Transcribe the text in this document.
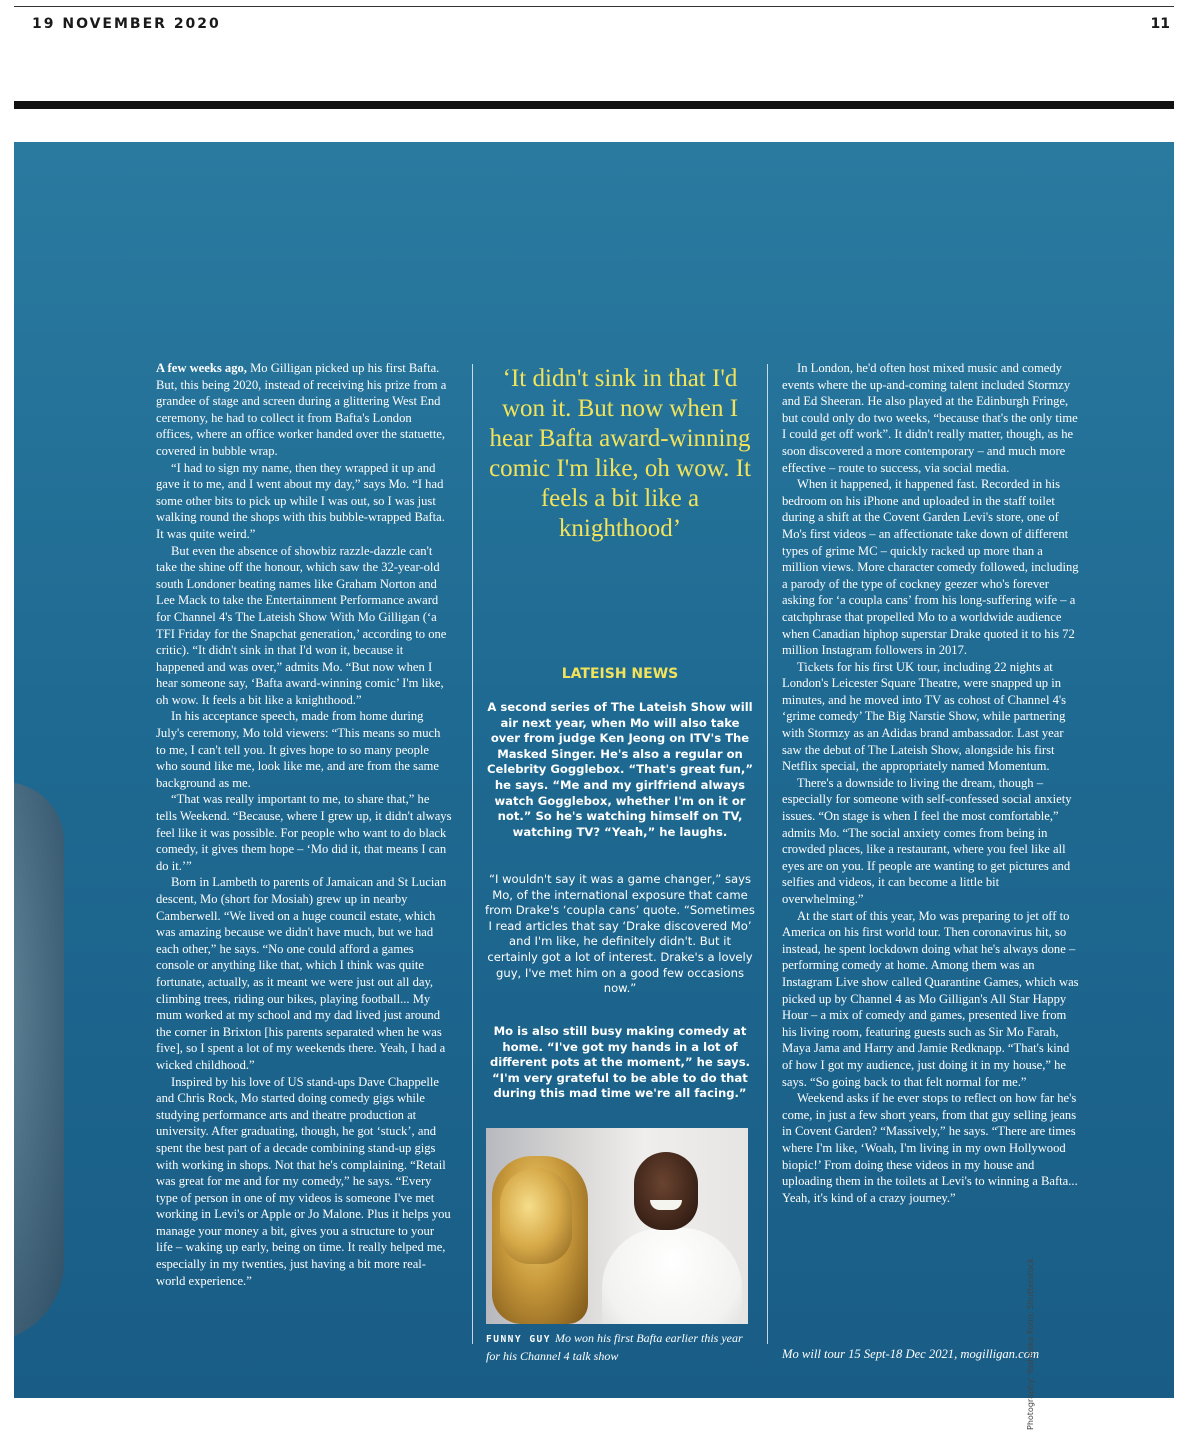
19 NOVEMBER 2020	11

A few weeks ago, Mo Gilligan picked up his first Bafta. But, this being 2020, instead of receiving his prize from a grandee of stage and screen during a glittering West End ceremony, he had to collect it from Bafta's London offices, where an office worker handed over the statuette, covered in bubble wrap.

“I had to sign my name, then they wrapped it up and gave it to me, and I went about my day,” says Mo. “I had some other bits to pick up while I was out, so I was just walking round the shops with this bubble-wrapped Bafta. It was quite weird.”

But even the absence of showbiz razzle-dazzle can't take the shine off the honour, which saw the 32-year-old south Londoner beating names like Graham Norton and Lee Mack to take the Entertainment Performance award for Channel 4's The Lateish Show With Mo Gilligan (‘a TFI Friday for the Snapchat generation,’ according to one critic). “It didn't sink in that I'd won it, because it happened and was over,” admits Mo. “But now when I hear someone say, ‘Bafta award-winning comic’ I'm like, oh wow. It feels a bit like a knighthood.”

In his acceptance speech, made from home during July's ceremony, Mo told viewers: “This means so much to me, I can't tell you. It gives hope to so many people who sound like me, look like me, and are from the same background as me.

“That was really important to me, to share that,” he tells Weekend. “Because, where I grew up, it didn't always feel like it was possible. For people who want to do black comedy, it gives them hope – ‘Mo did it, that means I can do it.’”

Born in Lambeth to parents of Jamaican and St Lucian descent, Mo (short for Mosiah) grew up in nearby Camberwell. “We lived on a huge council estate, which was amazing because we didn't have much, but we had each other,” he says. “No one could afford a games console or anything like that, which I think was quite fortunate, actually, as it meant we were just out all day, climbing trees, riding our bikes, playing football... My mum worked at my school and my dad lived just around the corner in Brixton [his parents separated when he was five], so I spent a lot of my weekends there. Yeah, I had a wicked childhood.”

Inspired by his love of US stand-ups Dave Chappelle and Chris Rock, Mo started doing comedy gigs while studying performance arts and theatre production at university. After graduating, though, he got ‘stuck’, and spent the best part of a decade combining stand-up gigs with working in shops. Not that he's complaining. “Retail was great for me and for my comedy,” he says. “Every type of person in one of my videos is someone I've met working in Levi's or Apple or Jo Malone. Plus it helps you manage your money a bit, gives you a structure to your life – waking up early, being on time. It really helped me, especially in my twenties, just having a bit more real-world experience.”

‘It didn't sink in that I'd won it. But now when I hear Bafta award-winning comic I'm like, oh wow. It feels a bit like a knighthood’
LATEISH NEWS
A second series of The Lateish Show will air next year, when Mo will also take over from judge Ken Jeong on ITV's The Masked Singer. He's also a regular on Celebrity Gogglebox. “That's great fun,” he says. “Me and my girlfriend always watch Gogglebox, whether I'm on it or not.” So he's watching himself on TV, watching TV? “Yeah,” he laughs.
“I wouldn't say it was a game changer,” says Mo, of the international exposure that came from Drake's ‘coupla cans’ quote. “Sometimes I read articles that say ‘Drake discovered Mo’ and I'm like, he definitely didn't. But it certainly got a lot of interest. Drake's a lovely guy, I've met him on a good few occasions now.”
Mo is also still busy making comedy at home. “I've got my hands in a lot of different pots at the moment,” he says. “I'm very grateful to be able to do that during this mad time we're all facing.”
FUNNY GUY Mo won his first Bafta earlier this year for his Channel 4 talk show

In London, he'd often host mixed music and comedy events where the up-and-coming talent included Stormzy and Ed Sheeran. He also played at the Edinburgh Fringe, but could only do two weeks, “because that's the only time I could get off work”. It didn't really matter, though, as he soon discovered a more contemporary – and much more effective – route to success, via social media.

When it happened, it happened fast. Recorded in his bedroom on his iPhone and uploaded in the staff toilet during a shift at the Covent Garden Levi's store, one of Mo's first videos – an affectionate take down of different types of grime MC – quickly racked up more than a million views. More character comedy followed, including a parody of the type of cockney geezer who's forever asking for ‘a coupla cans’ from his long-suffering wife – a catchphrase that propelled Mo to a worldwide audience when Canadian hiphop superstar Drake quoted it to his 72 million Instagram followers in 2017.

Tickets for his first UK tour, including 22 nights at London's Leicester Square Theatre, were snapped up in minutes, and he moved into TV as cohost of Channel 4's ‘grime comedy’ The Big Narstie Show, while partnering with Stormzy as an Adidas brand ambassador. Last year saw the debut of The Lateish Show, alongside his first Netflix special, the appropriately named Momentum.

There's a downside to living the dream, though – especially for someone with self-confessed social anxiety issues. “On stage is when I feel the most comfortable,” admits Mo. “The social anxiety comes from being in crowded places, like a restaurant, where you feel like all eyes are on you. If people are wanting to get pictures and selfies and videos, it can become a little bit overwhelming.”

At the start of this year, Mo was preparing to jet off to America on his first world tour. Then coronavirus hit, so instead, he spent lockdown doing what he's always done – performing comedy at home. Among them was an Instagram Live show called Quarantine Games, which was picked up by Channel 4 as Mo Gilligan's All Star Happy Hour – a mix of comedy and games, presented live from his living room, featuring guests such as Sir Mo Farah, Maya Jama and Harry and Jamie Redknapp. “That's kind of how I got my audience, just doing it in my house,” he says. “So going back to that felt normal for me.”

Weekend asks if he ever stops to reflect on how far he's come, in just a few short years, from that guy selling jeans in Covent Garden? “Massively,” he says. “There are times where I'm like, ‘Woah, I'm living in my own Hollywood biopic!’ From doing these videos in my house and uploading them in the toilets at Levi's to winning a Bafta... Yeah, it's kind of a crazy journey.”

Mo will tour 15 Sept-18 Dec 2021, mogilligan.com
Photography: Yoshitaka Kono; Shutterstock
